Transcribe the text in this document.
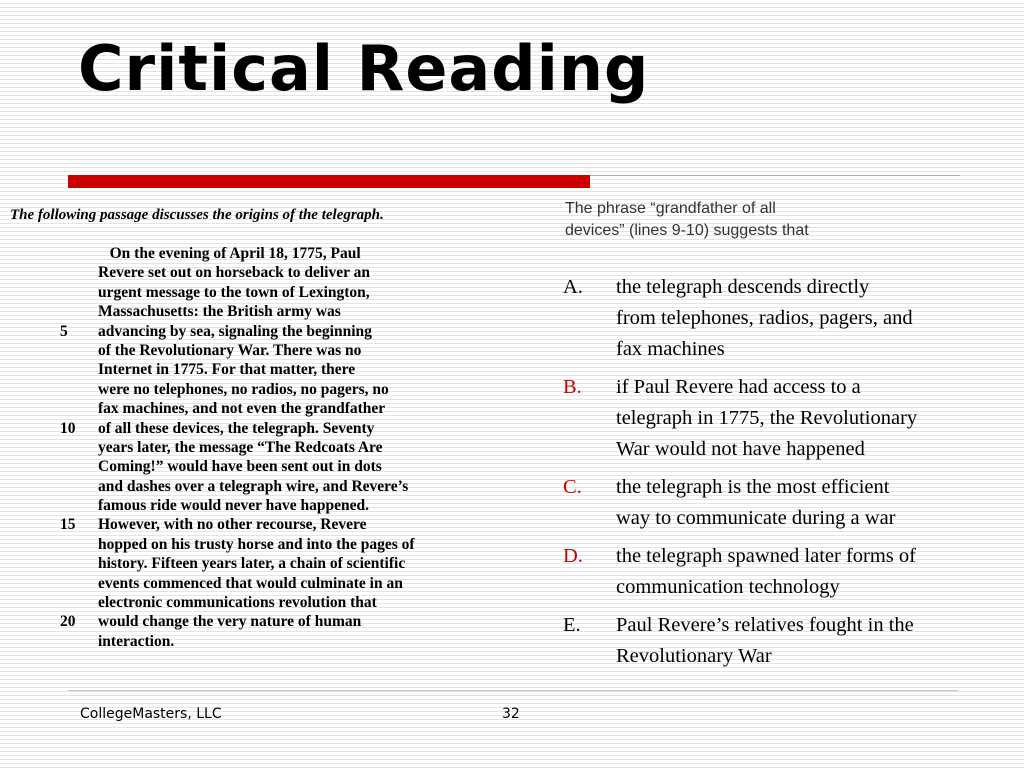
Critical Reading
The following passage discusses the origins of the telegraph.
On the evening of April 18, 1775, Paul
Revere set out on horseback to deliver an
urgent message to the town of Lexington,
Massachusetts: the British army was
5	advancing by sea, signaling the beginning
of the Revolutionary War. There was no
Internet in 1775. For that matter, there
were no telephones, no radios, no pagers, no
fax machines, and not even the grandfather
10	of all these devices, the telegraph. Seventy
years later, the message “The Redcoats Are
Coming!” would have been sent out in dots
and dashes over a telegraph wire, and Revere’s
famous ride would never have happened.
15	However, with no other recourse, Revere
hopped on his trusty horse and into the pages of
history. Fifteen years later, a chain of scientific
events commenced that would culminate in an
electronic communications revolution that
20	would change the very nature of human
interaction.
The phrase “grandfather of all
devices” (lines 9-10) suggests that
A.	the telegraph descends directly
from telephones, radios, pagers, and
fax machines
B.	if Paul Revere had access to a
telegraph in 1775, the Revolutionary
War would not have happened
C.	the telegraph is the most efficient
way to communicate during a war
D.	the telegraph spawned later forms of
communication technology
E.	Paul Revere’s relatives fought in the
Revolutionary War
CollegeMasters, LLC	32
